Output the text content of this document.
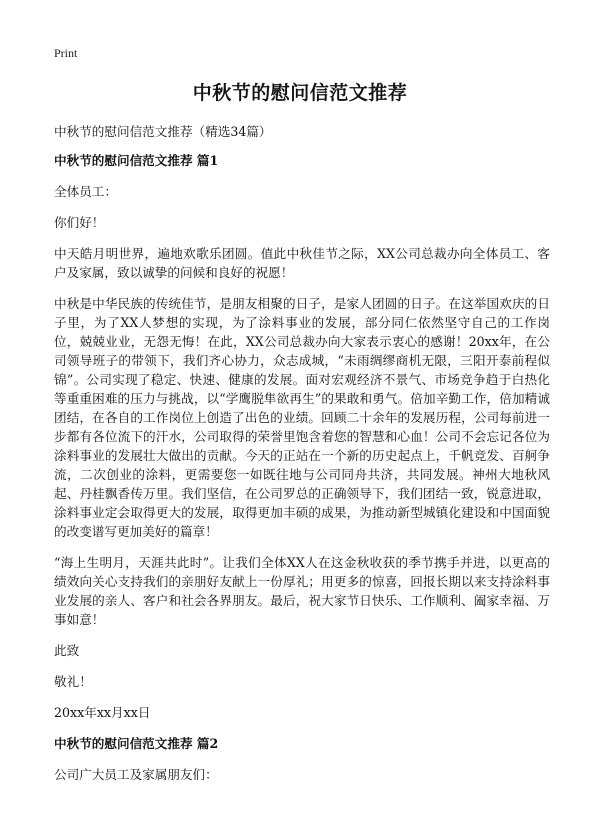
Print
中秋节的慰问信范文推荐

中秋节的慰问信范文推荐（精选34篇）

中秋节的慰问信范文推荐 篇1

全体员工：

你们好！

中天皓月明世界，遍地欢歌乐团圆。值此中秋佳节之际，XX公司总裁办向全体员工、客户及家属，致以诚挚的问候和良好的祝愿！

中秋是中华民族的传统佳节，是朋友相聚的日子，是家人团圆的日子。在这举国欢庆的日子里，为了XX人梦想的实现，为了涂料事业的发展，部分同仁依然坚守自己的工作岗位，兢兢业业，无怨无悔！在此，XX公司总裁办向大家表示衷心的感谢！20xx年，在公司领导班子的带领下，我们齐心协力，众志成城，“未雨绸缪商机无限，三阳开泰前程似锦”。公司实现了稳定、快速、健康的发展。面对宏观经济不景气、市场竞争趋于白热化等重重困难的压力与挑战，以“学鹰脱隼欲再生”的果敢和勇气。倍加辛勤工作，倍加精诚团结，在各自的工作岗位上创造了出色的业绩。回顾二十余年的发展历程，公司每前进一步都有各位流下的汗水，公司取得的荣誉里饱含着您的智慧和心血！公司不会忘记各位为涂料事业的发展壮大做出的贡献。今天的正站在一个新的历史起点上，千帆竞发、百舸争流，二次创业的涂料，更需要您一如既往地与公司同舟共济，共同发展。神州大地秋风起、丹桂飘香传万里。我们坚信，在公司罗总的正确领导下，我们团结一致，锐意进取，涂料事业定会取得更大的发展，取得更加丰硕的成果，为推动新型城镇化建设和中国面貌的改变谱写更加美好的篇章！

“海上生明月，天涯共此时”。让我们全体XX人在这金秋收获的季节携手并进，以更高的绩效向关心支持我们的亲朋好友献上一份厚礼；用更多的惊喜，回报长期以来支持涂料事业发展的亲人、客户和社会各界朋友。最后，祝大家节日快乐、工作顺利、阖家幸福、万事如意！

此致

敬礼！

20xx年xx月xx日

中秋节的慰问信范文推荐 篇2

公司广大员工及家属朋友们：
